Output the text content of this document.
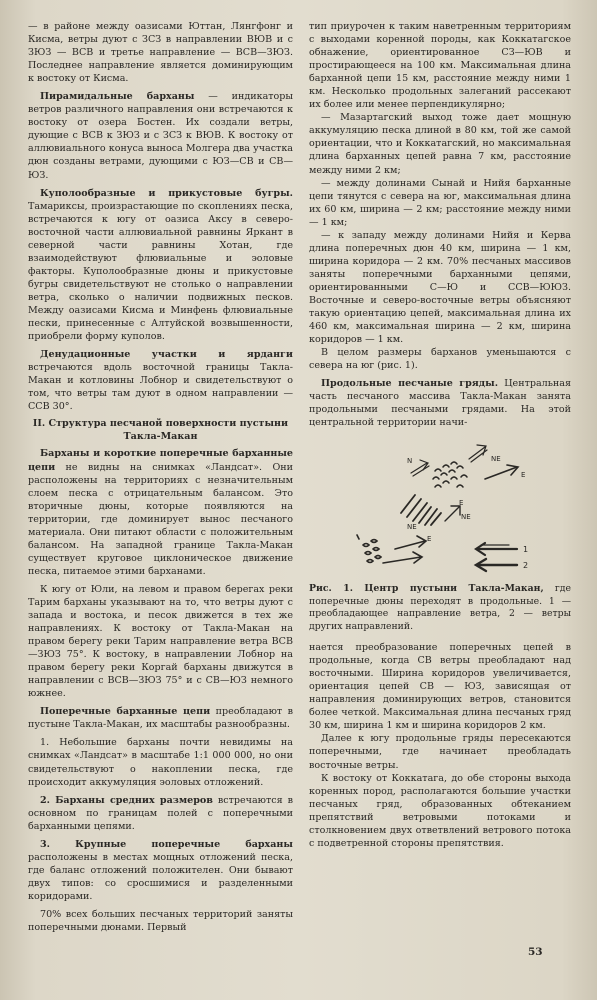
— в районе между оазисами Юттан, Лянгфонг и Кисма, ветры дуют с ЗСЗ в направлении ВЮВ и с ЗЮЗ — ВСВ и третье направление — ВСВ—ЗЮЗ. Последнее направление является доминирующим к востоку от Кисма.

Пирамидальные барханы — индикаторы ветров различного направления они встречаются к востоку от озера Бостен. Их создали ветры, дующие с ВСВ к ЗЮЗ и с ЗСЗ к ВЮВ. К востоку от аллювиального конуса выноса Молгера два участка дюн созданы ветрами, дующими с ЮЗ—СВ и СВ—ЮЗ.

Куполообразные и прикустовые бугры. Тамариксы, произрастающие по скоплениях песка, встречаются к югу от оазиса Аксу в северо-восточной части аллювиальной равнины Яркант в северной части равнины Хотан, где взаимодействуют флювиальные и эоловые факторы. Куполообразные дюны и прикустовые бугры свидетельствуют не столько о направлении ветра, сколько о наличии подвижных песков. Между оазисами Кисма и Минфень флювиальные пески, принесенные с Алтуйской возвышенности, приобрели форму куполов.

Денудационные участки и ярданги встречаются вдоль восточной границы Такла-Макан и котловины Лобнор и свидетельствуют о том, что ветры там дуют в одном направлении — ССВ 30°.

II. Структура песчаной поверхности пустыни Такла-Макан

Барханы и короткие поперечные барханные цепи не видны на снимках «Ландсат». Они расположены на территориях с незначительным слоем песка с отрицательным балансом. Это вторичные дюны, которые появляются на территории, где доминирует вынос песчаного материала. Они питают области с положительным балансом. На западной границе Такла-Макан существует круговое циклоническое движение песка, питаемое этими барханами.

К югу от Юли, на левом и правом берегах реки Тарим барханы указывают на то, что ветры дуют с запада и востока, и песок движется в тех же направлениях. К востоку от Такла-Макан на правом берегу реки Тарим направление ветра ВСВ—ЗЮЗ 75°. К востоку, в направлении Лобнор на правом берегу реки Коргай барханы движутся в направлении с ВСВ—ЗЮЗ 75° и с СВ—ЮЗ немного южнее.

Поперечные барханные цепи преобладают в пустыне Такла-Макан, их масштабы разнообразны.

1. Небольшие барханы почти невидимы на снимках «Ландсат» в масштабе 1:1 000 000, но они свидетельствуют о накоплении песка, где происходит аккумуляция эоловых отложений.

2. Барханы средних размеров встречаются в основном по границам полей с поперечными барханными цепями.

3. Крупные поперечные барханы расположены в местах мощных отложений песка, где баланс отложений положителен. Они бывают двух типов: со сросшимися и разделенными коридорами.

70% всех больших песчаных территорий заняты поперечными дюнами. Первый

тип приурочен к таким наветренным территориям с выходами коренной породы, как Коккатагское обнажение, ориентированное СЗ—ЮВ и простирающееся на 100 км. Максимальная длина барханной цепи 15 км, расстояние между ними 1 км. Несколько продольных залеганий рассекают их более или менее перпендикулярно;

— Мазартагский выход тоже дает мощную аккумуляцию песка длиной в 80 км, той же самой ориентации, что и Коккатагский, но максимальная длина барханных цепей равна 7 км, расстояние между ними 2 км;

— между долинами Сынай и Нийя барханные цепи тянутся с севера на юг, максимальная длина их 60 км, ширина — 2 км; расстояние между ними — 1 км;

— к западу между долинами Нийя и Керва длина поперечных дюн 40 км, ширина — 1 км, ширина коридора — 2 км. 70% песчаных массивов заняты поперечными барханными цепями, ориентированными С—Ю и ССВ—ЮЮЗ. Восточные и северо-восточные ветры объясняют такую ориентацию цепей, максимальная длина их 460 км, максимальная ширина — 2 км, ширина коридоров — 1 км.

В целом размеры барханов уменьшаются с севера на юг (рис. 1).

Продольные песчаные гряды. Центральная часть песчаного массива Такла-Макан занята продольными песчаными грядами. На этой центральной территории начи-

NE
NE
E
E
E
N
NE
1
2

Рис. 1. Центр пустыни Такла-Макан, где поперечные дюны переходят в продольные. 1 — преобладающее направление ветра, 2 — ветры других направлений.

нается преобразование поперечных цепей в продольные, когда СВ ветры преобладают над восточными. Ширина коридоров увеличивается, ориентация цепей СВ — ЮЗ, зависящая от направления доминирующих ветров, становится более четкой. Максимальная длина песчаных гряд 30 км, ширина 1 км и ширина коридоров 2 км.

Далее к югу продольные гряды пересекаются поперечными, где начинает преобладать восточные ветры.

К востоку от Коккатага, до обе стороны выхода коренных пород, располагаются большие участки песчаных гряд, образованных обтеканием препятствий ветровыми потоками и столкновением двух ответвлений ветрового потока с подветренной стороны препятствия.

53
